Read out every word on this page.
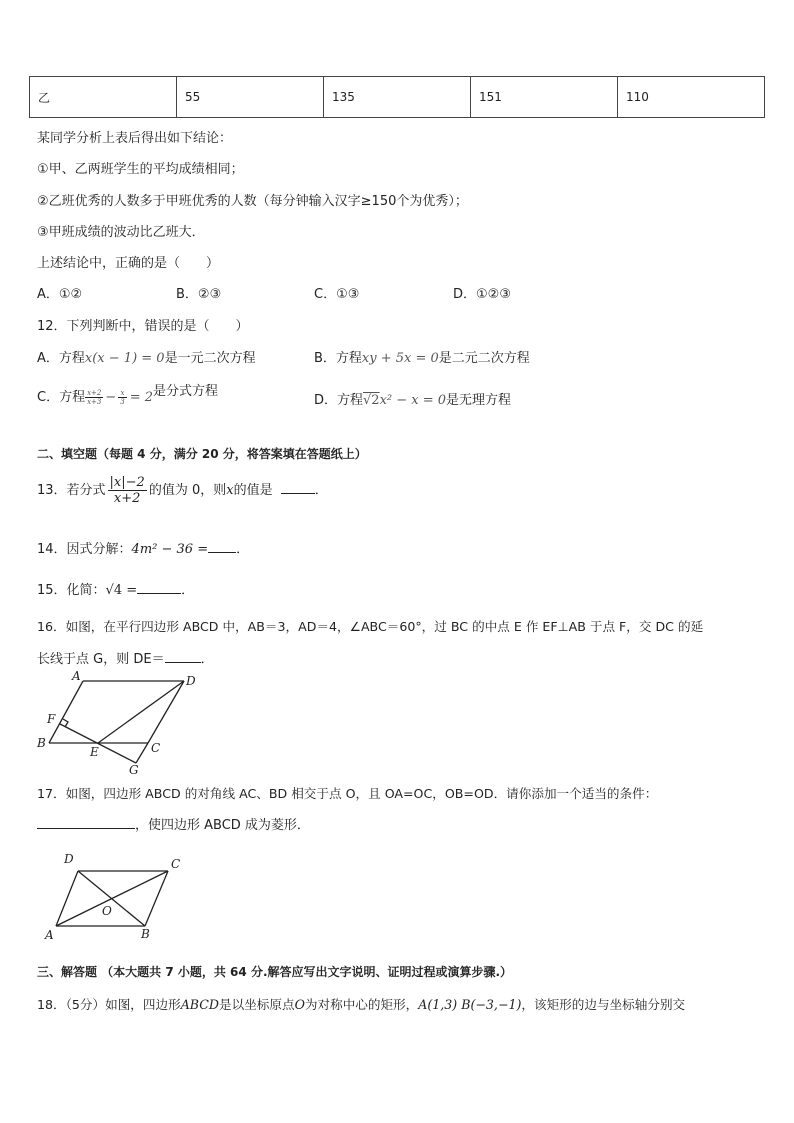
乙	55	135	151	110
某同学分析上表后得出如下结论：
①甲、乙两班学生的平均成绩相同；
②乙班优秀的人数多于甲班优秀的人数（每分钟输入汉字≥150个为优秀）；
③甲班成绩的波动比乙班大．
上述结论中，正确的是（　　）
A．①②	B．②③	C．①③	D．①②③
12．下列判断中，错误的是（　　）
A．方程x(x − 1) = 0是一元二次方程	B．方程xy + 5x = 0是二元二次方程
C．方程 $\frac{x+2}{x+3} - \frac{x}{3} = 2$是分式方程
D．方程√2x² − x = 0是无理方程
二、填空题（每题 4 分，满分 20 分，将答案填在答题纸上）
13．若分式 $\frac{|x|-2}{x+2}$ 的值为 0，则x的值是	．
14．因式分解：4m² − 36 = ．
15．化简：√4 =	．
16．如图，在平行四边形 ABCD 中，AB＝3，AD＝4，∠ABC＝60°，过 BC 的中点 E 作 EF⊥AB 于点 F，交 DC 的延
长线于点 G，则 DE＝	．
A	D
F
B
E	C
G
17．如图，四边形 ABCD 的对角线 AC、BD 相交于点 O，且 OA=OC，OB=OD．请你添加一个适当的条件：
，使四边形 ABCD 成为菱形．
D	C
O
A	B
三、解答题 （本大题共 7 小题，共 64 分.解答应写出文字说明、证明过程或演算步骤.）
18．（5分）如图，四边形ABCD是以坐标原点O为对称中心的矩形，A(1,3) B(−3,−1)，该矩形的边与坐标轴分别交
